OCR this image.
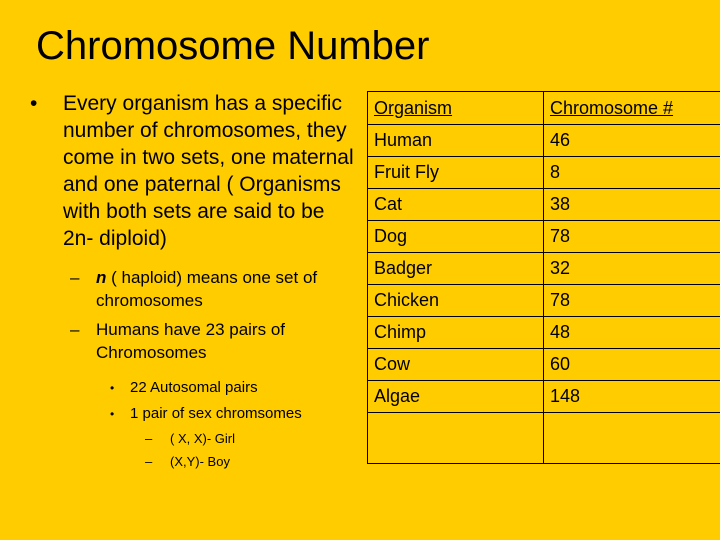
Chromosome Number

• Every organism has a specific number of chromosomes, they come in two sets, one maternal and one paternal ( Organisms with both sets are said to be 2n- diploid)

– n ( haploid) means one set of chromosomes
– Humans have 23 pairs of Chromosomes
• 22 Autosomal pairs
• 1 pair of sex chromsomes
– ( X, X)- Girl
– (X,Y)- Boy
Organism	Chromosome #
Human	46
Fruit Fly	8
Cat	38
Dog	78
Badger	32
Chicken	78
Chimp	48
Cow	60
Algae	148
